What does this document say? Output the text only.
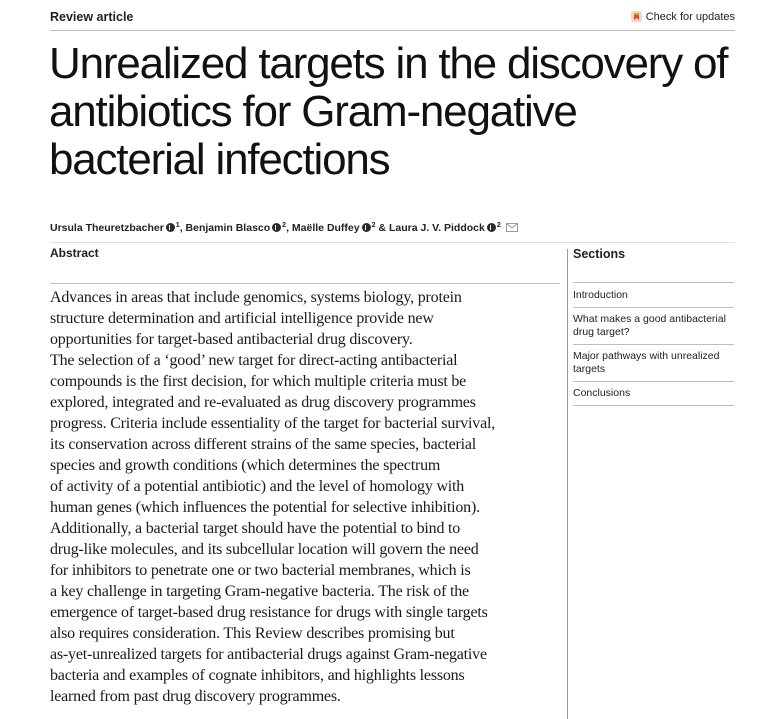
Review article	Check for updates
Unrealized targets in the discovery of antibiotics for Gram-negative bacterial infections
Ursula Theuretzbacher $^1$, Benjamin Blasco $^2$, Maëlle Duffey $^2$ & Laura J. V. Piddock $^2$
Abstract
Advances in areas that include genomics, systems biology, protein
structure determination and artificial intelligence provide new
opportunities for target-based antibacterial drug discovery.
The selection of a ‘good’ new target for direct-acting antibacterial
compounds is the first decision, for which multiple criteria must be
explored, integrated and re-evaluated as drug discovery programmes
progress. Criteria include essentiality of the target for bacterial survival,
its conservation across different strains of the same species, bacterial
species and growth conditions (which determines the spectrum
of activity of a potential antibiotic) and the level of homology with
human genes (which influences the potential for selective inhibition).
Additionally, a bacterial target should have the potential to bind to
drug-like molecules, and its subcellular location will govern the need
for inhibitors to penetrate one or two bacterial membranes, which is
a key challenge in targeting Gram-negative bacteria. The risk of the
emergence of target-based drug resistance for drugs with single targets
also requires consideration. This Review describes promising but
as-yet-unrealized targets for antibacterial drugs against Gram-negative
bacteria and examples of cognate inhibitors, and highlights lessons
learned from past drug discovery programmes.
Sections
Introduction
What makes a good antibacterial drug target?
Major pathways with unrealized targets
Conclusions
